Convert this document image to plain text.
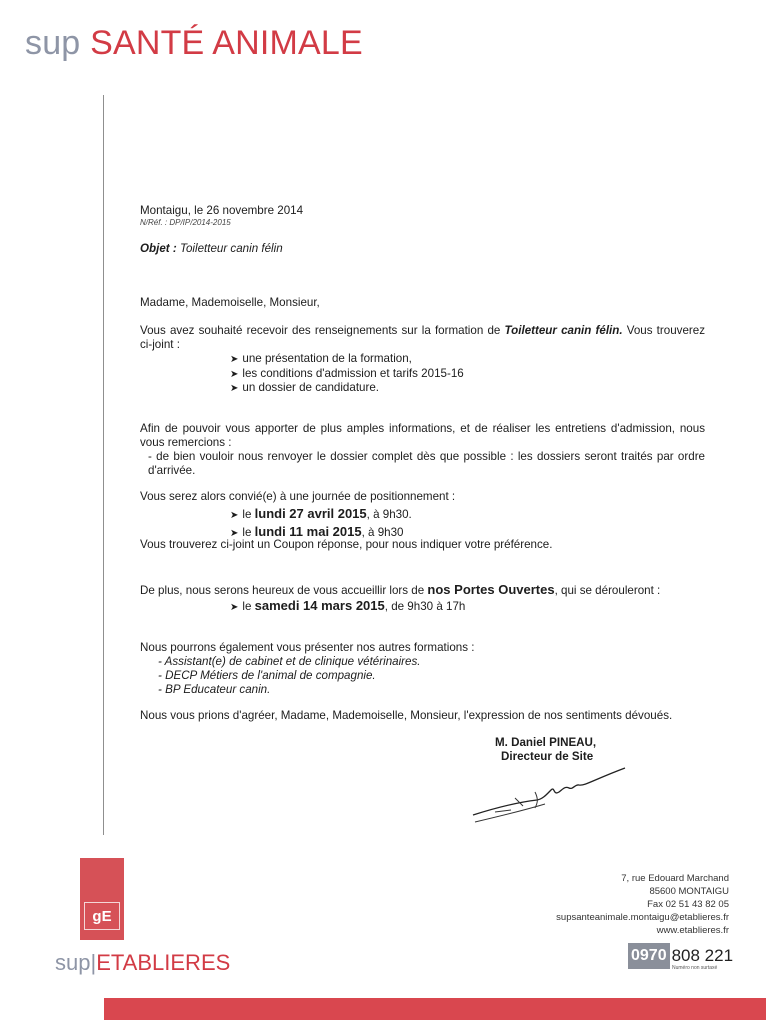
sup SANTÉ ANIMALE

Montaigu, le 26 novembre 2014

N/Réf. : DP/IP/2014-2015

Objet : Toiletteur canin félin

Madame, Mademoiselle, Monsieur,

Vous avez souhaité recevoir des renseignements sur la formation de Toiletteur canin félin. Vous trouverez ci-joint :

➤ une présentation de la formation,
➤ les conditions d'admission et tarifs 2015-16
➤ un dossier de candidature.

Afin de pouvoir vous apporter de plus amples informations, et de réaliser les entretiens d'admission, nous vous remercions :

- de bien vouloir nous renvoyer le dossier complet dès que possible : les dossiers seront traités par ordre d'arrivée.

Vous serez alors convié(e) à une journée de positionnement :

➤ le lundi 27 avril 2015, à 9h30.
➤ le lundi 11 mai 2015, à 9h30

Vous trouverez ci-joint un Coupon réponse, pour nous indiquer votre préférence.

De plus, nous serons heureux de vous accueillir lors de nos Portes Ouvertes, qui se dérouleront :

➤ le samedi 14 mars 2015, de 9h30 à 17h

Nous pourrons également vous présenter nos autres formations :

- Assistant(e) de cabinet et de clinique vétérinaires.
- DECP Métiers de l'animal de compagnie.
- BP Educateur canin.

Nous vous prions d'agréer, Madame, Mademoiselle, Monsieur, l'expression de nos sentiments dévoués.

M. Daniel PINEAU,
Directeur de Site
7, rue Edouard Marchand
85600 MONTAIGU
Fax 02 51 43 82 05
supsanteanimale.montaigu@etablieres.fr
www.etablieres.fr
gE
sup|ETABLIERES	0970 808 221
Numéro non surtaxé
